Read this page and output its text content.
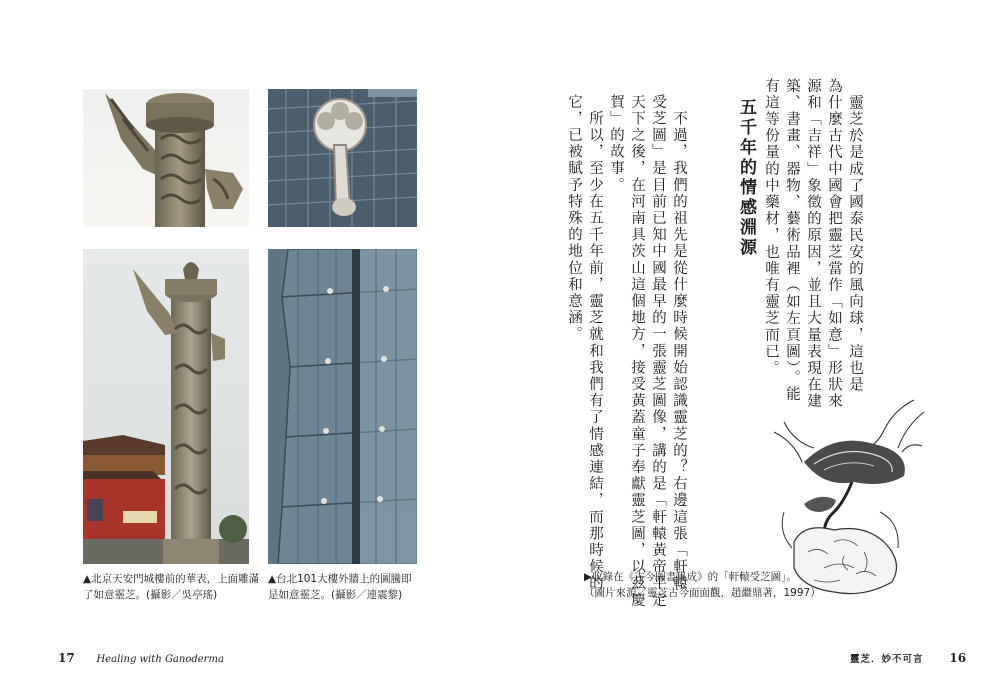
▲北京天安門城樓前的華表，上面雕滿
了如意靈芝。(攝影／吳亭瑤)
▲台北101大樓外牆上的圖騰即
是如意靈芝。(攝影／連震黎)
17 Healing with Ganoderma
　靈芝於是成了國泰民安的風向球，這也是
為什麼古代中國會把靈芝當作「如意」形狀來
源和「吉祥」象徵的原因，並且大量表現在建
築、書畫、器物、藝術品裡（如左頁圖）。能
有這等份量的中藥材，也唯有靈芝而已。
五千年的情感淵源
　不過，我們的祖先是從什麼時候開始認識靈芝的？右邊這張「軒轅
受芝圖」是目前已知中國最早的一張靈芝圖像，講的是「軒轅黃帝平定
天下之後，在河南具茨山這個地方，接受黃蓋童子奉獻靈芝圖，以茲慶
賀」的故事。
　所以，至少在五千年前，靈芝就和我們有了情感連結，而那時候的
它，已被賦予特殊的地位和意涵。
▶收錄在《古今圖書集成》的「軒轅受芝圖」。
（圖片來源／靈芝古今面面觀，趙繼鼎著，1997）
靈芝．妙不可言 16
